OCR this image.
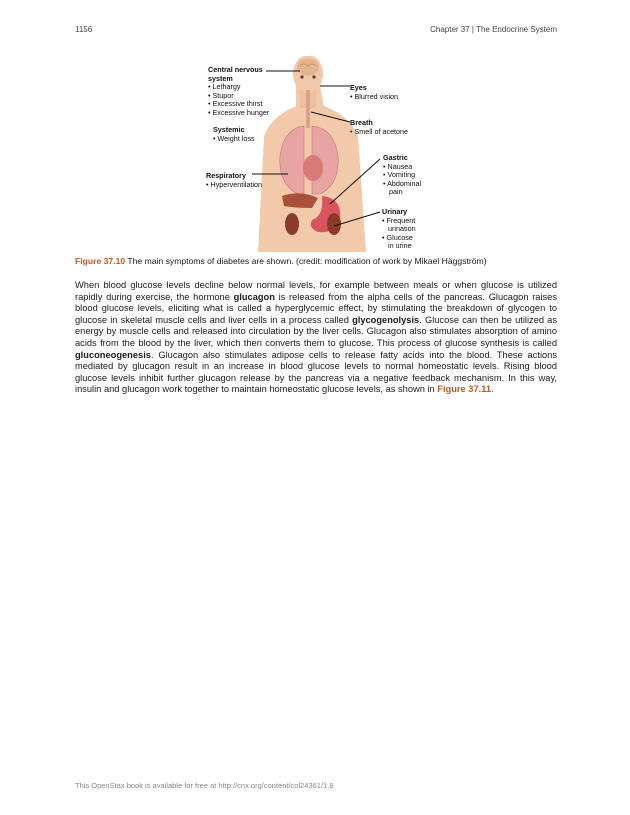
1156	Chapter 37 | The Endocrine System
Central nervous system
• Lethargy
• Stupor
• Excessive thirst
• Excessive hunger
Eyes
• Blurred vision
Systemic
• Weight loss
Breath
• Smell of acetone
Gastric
• Nausea
• Vomiting
• Abdominal
pain
Respiratory
• Hyperventilation
Urinary
• Frequent
urination
• Glucose
in urine
Figure 37.10 The main symptoms of diabetes are shown. (credit: modification of work by Mikael Häggström)

When blood glucose levels decline below normal levels, for example between meals or when glucose is utilized rapidly during exercise, the hormone glucagon is released from the alpha cells of the pancreas. Glucagon raises blood glucose levels, eliciting what is called a hyperglycemic effect, by stimulating the breakdown of glycogen to glucose in skeletal muscle cells and liver cells in a process called glycogenolysis. Glucose can then be utilized as energy by muscle cells and released into circulation by the liver cells. Glucagon also stimulates absorption of amino acids from the blood by the liver, which then converts them to glucose. This process of glucose synthesis is called gluconeogenesis. Glucagon also stimulates adipose cells to release fatty acids into the blood. These actions mediated by glucagon result in an increase in blood glucose levels to normal homeostatic levels. Rising blood glucose levels inhibit further glucagon release by the pancreas via a negative feedback mechanism. In this way, insulin and glucagon work together to maintain homeostatic glucose levels, as shown in Figure 37.11.

This OpenStax book is available for free at http://cnx.org/content/col24361/1.8
